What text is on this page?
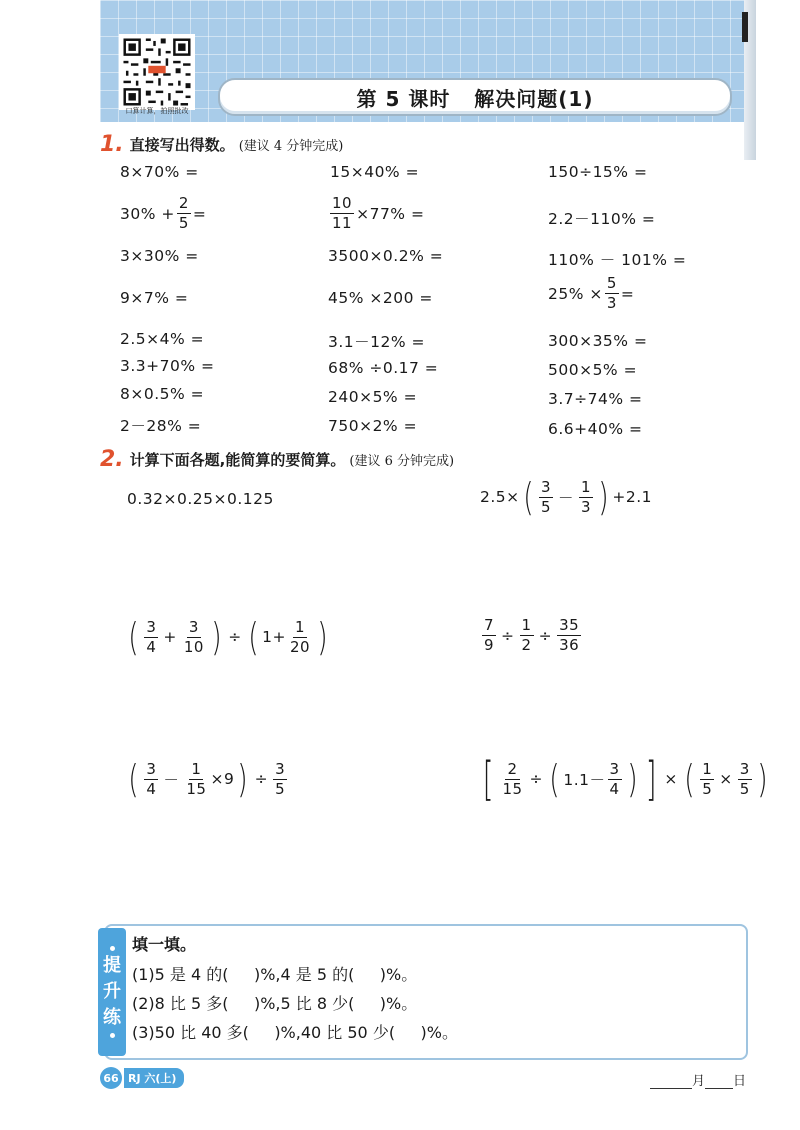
口算计算，拍照批改
第 5 课时   解决问题(1)
1. 直接写出得数。 (建议 4 分钟完成)
8×70% =	15×40% =	150÷15% =
$30\% + \frac{2}{5}$ =	$\frac{10}{11} \times 77\%$ =	2.2－110% =
3×30% =	3500×0.2% =	110% － 101% =
9×7% =	45% ×200 =	$25\% \times \frac{5}{3}$ =
2.5×4% =	3.1－12% =	300×35% =
3.3+70% =	68% ÷0.17 =	500×5% =
8×0.5% =	240×5% =	3.7÷74% =
2－28% =	750×2% =	6.6+40% =
2. 计算下面各题,能简算的要简算。 (建议 6 分钟完成)
0.32×0.25×0.125	2.5× ( $\frac{3}{5} - \frac{1}{3}$ ) +2.1
( $\frac{3}{4} + \frac{3}{10}$ ) ÷ ( $1+ \frac{1}{20}$ )	$\frac{7}{9} \div \frac{1}{2} \div \frac{35}{36}$
( $\frac{3}{4} - \frac{1}{15} \times 9$ ) ÷ $\frac{3}{5}$	[ $\frac{2}{15}$ ÷ ( $1.1- \frac{3}{4}$ ) ] × ( $\frac{1}{5} \times \frac{3}{5}$ )
提
升
练
填一填。
(1)5 是 4 的(     )%,4 是 5 的(     )%。
(2)8 比 5 多(     )%,5 比 8 少(     )%。
(3)50 比 40 多(     )%,40 比 50 少(     )%。
66 RJ 六(上)	月 日
